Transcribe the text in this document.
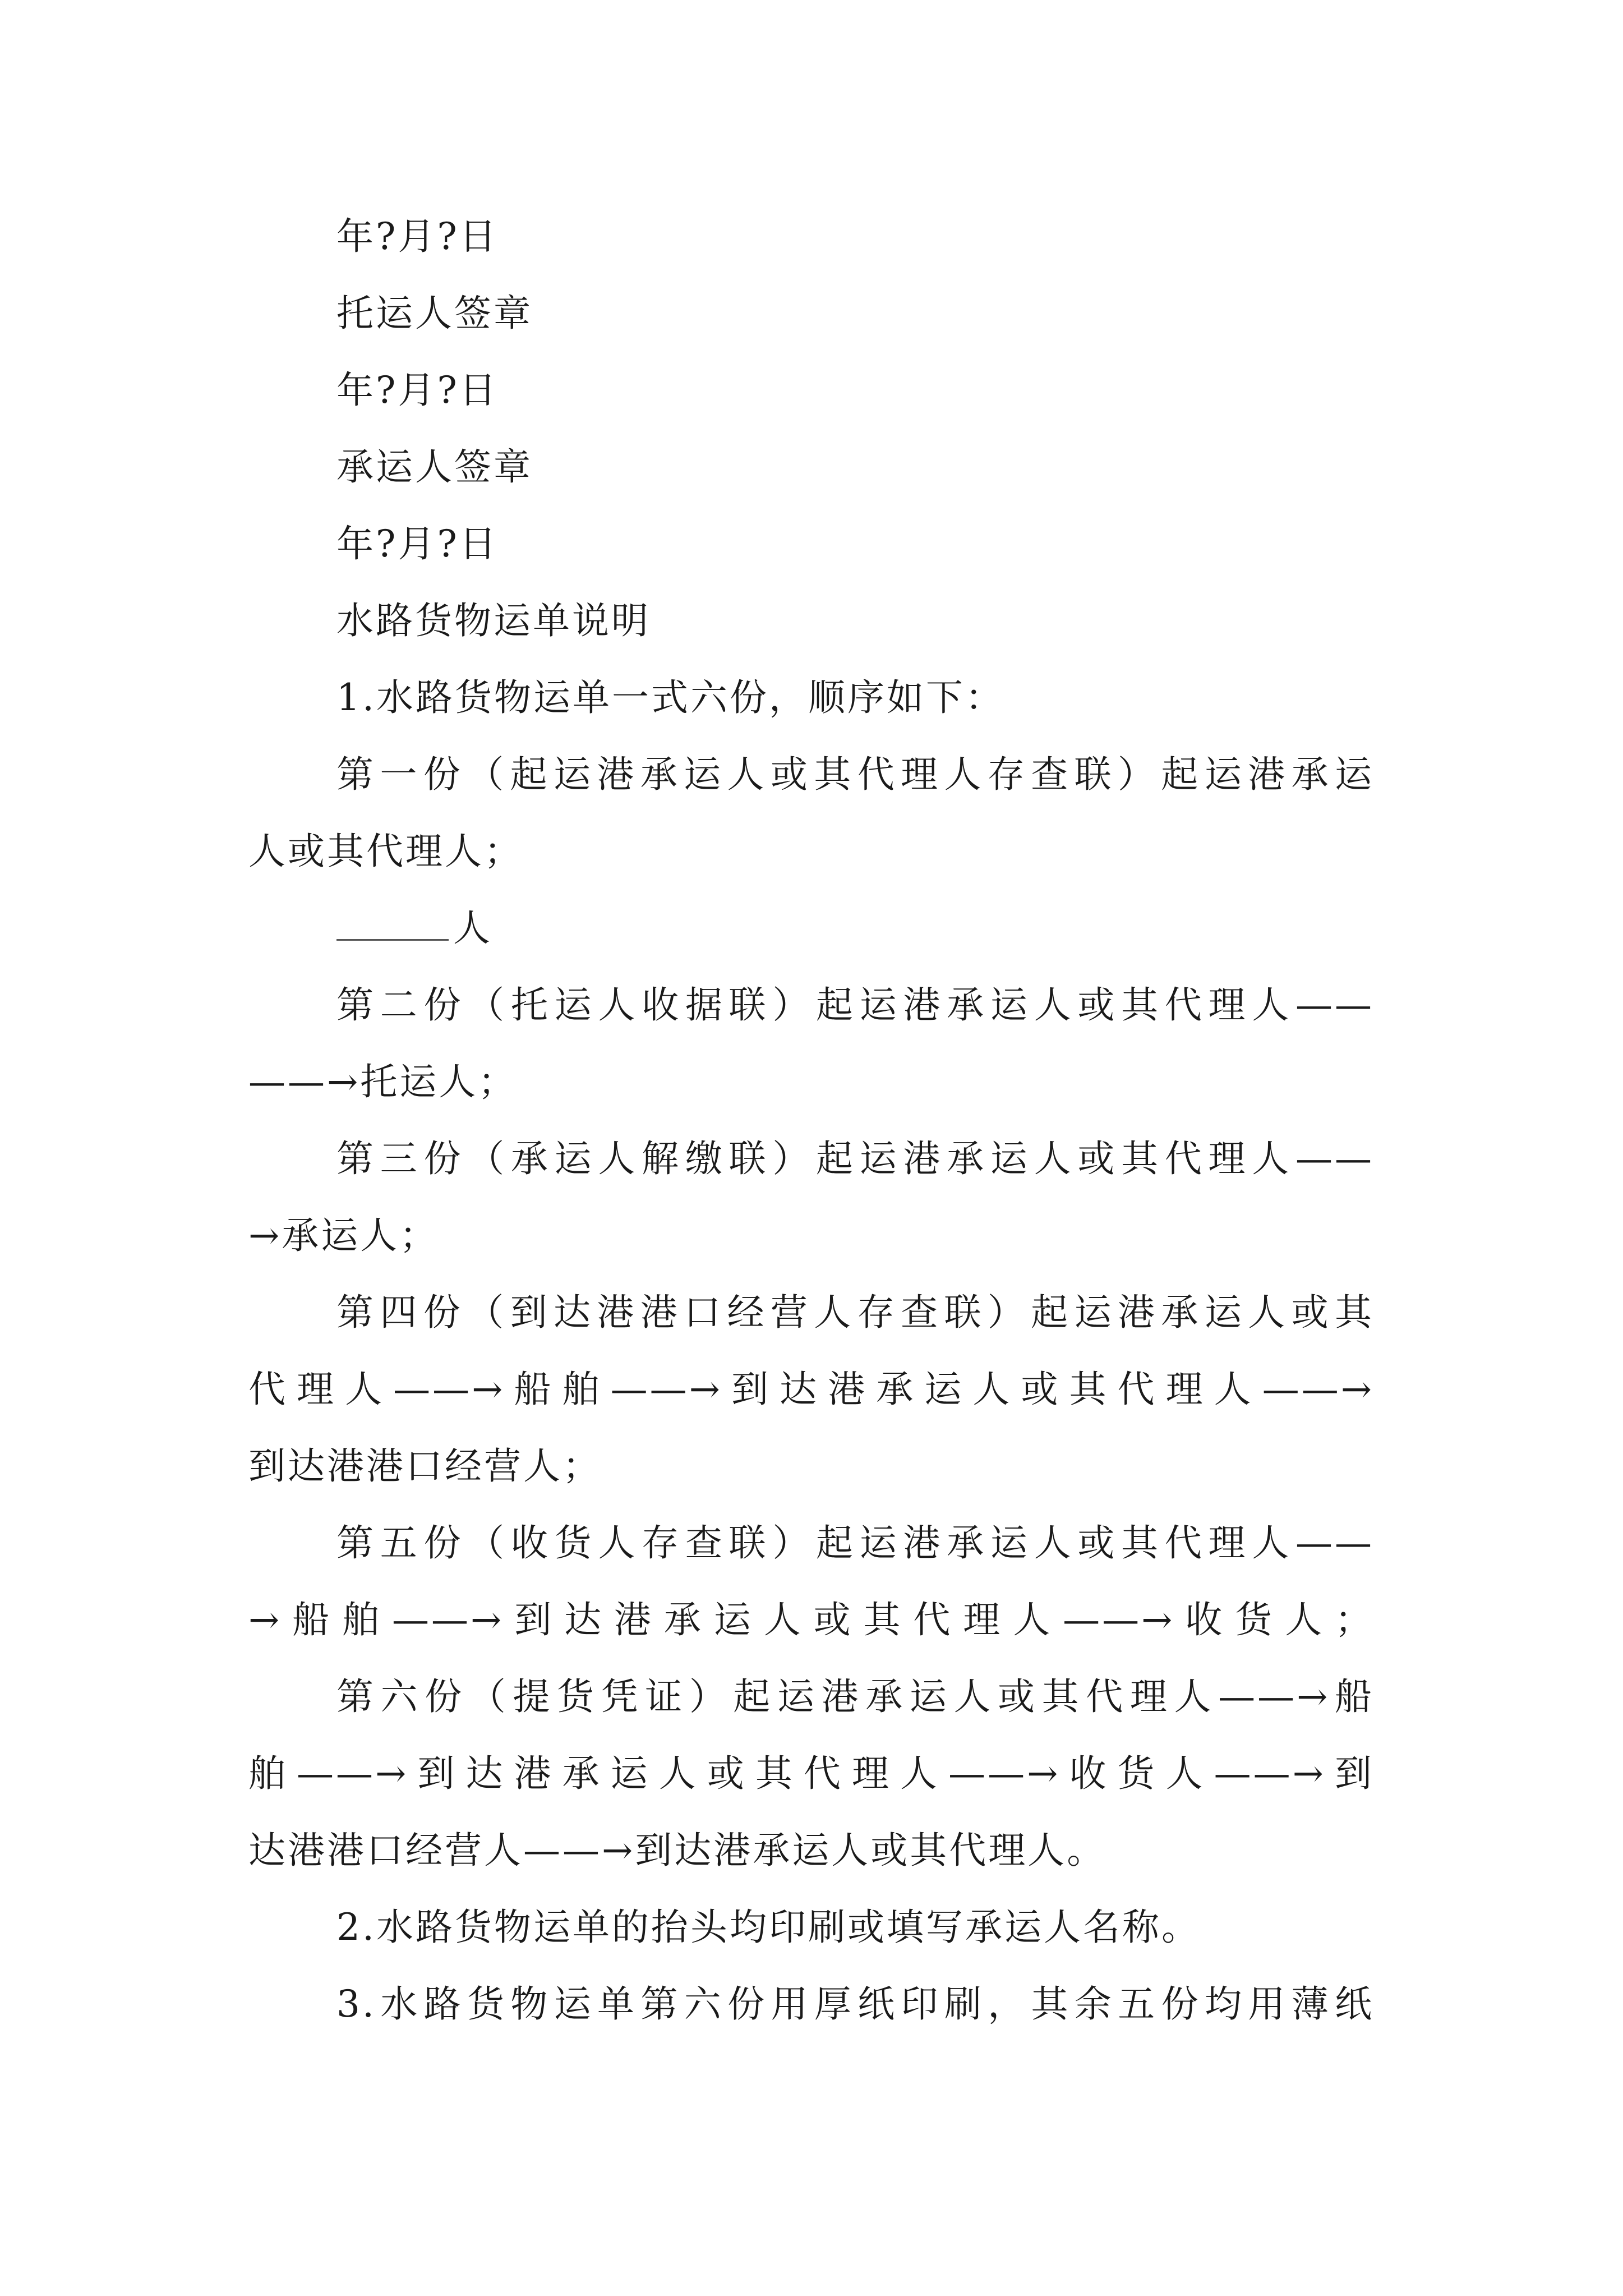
年?月?日

托运人签章

年?月?日

承运人签章

年?月?日

水路货物运单说明

1.水路货物运单一式六份，顺序如下：

第一份（起运港承运人或其代理人存查联）起运港承运

人或其代理人；

人

第二份（托运人收据联）起运港承运人或其代理人——

——→托运人；

第三份（承运人解缴联）起运港承运人或其代理人——

→承运人；

第四份（到达港港口经营人存查联）起运港承运人或其

代理人——→船舶——→到达港承运人或其代理人——→

到达港港口经营人；

第五份（收货人存查联）起运港承运人或其代理人——

→船舶——→到达港承运人或其代理人——→收货人；

第六份（提货凭证）起运港承运人或其代理人——→船

舶——→到达港承运人或其代理人——→收货人——→到

达港港口经营人——→到达港承运人或其代理人。

2.水路货物运单的抬头均印刷或填写承运人名称。

3.水路货物运单第六份用厚纸印刷，其余五份均用薄纸
